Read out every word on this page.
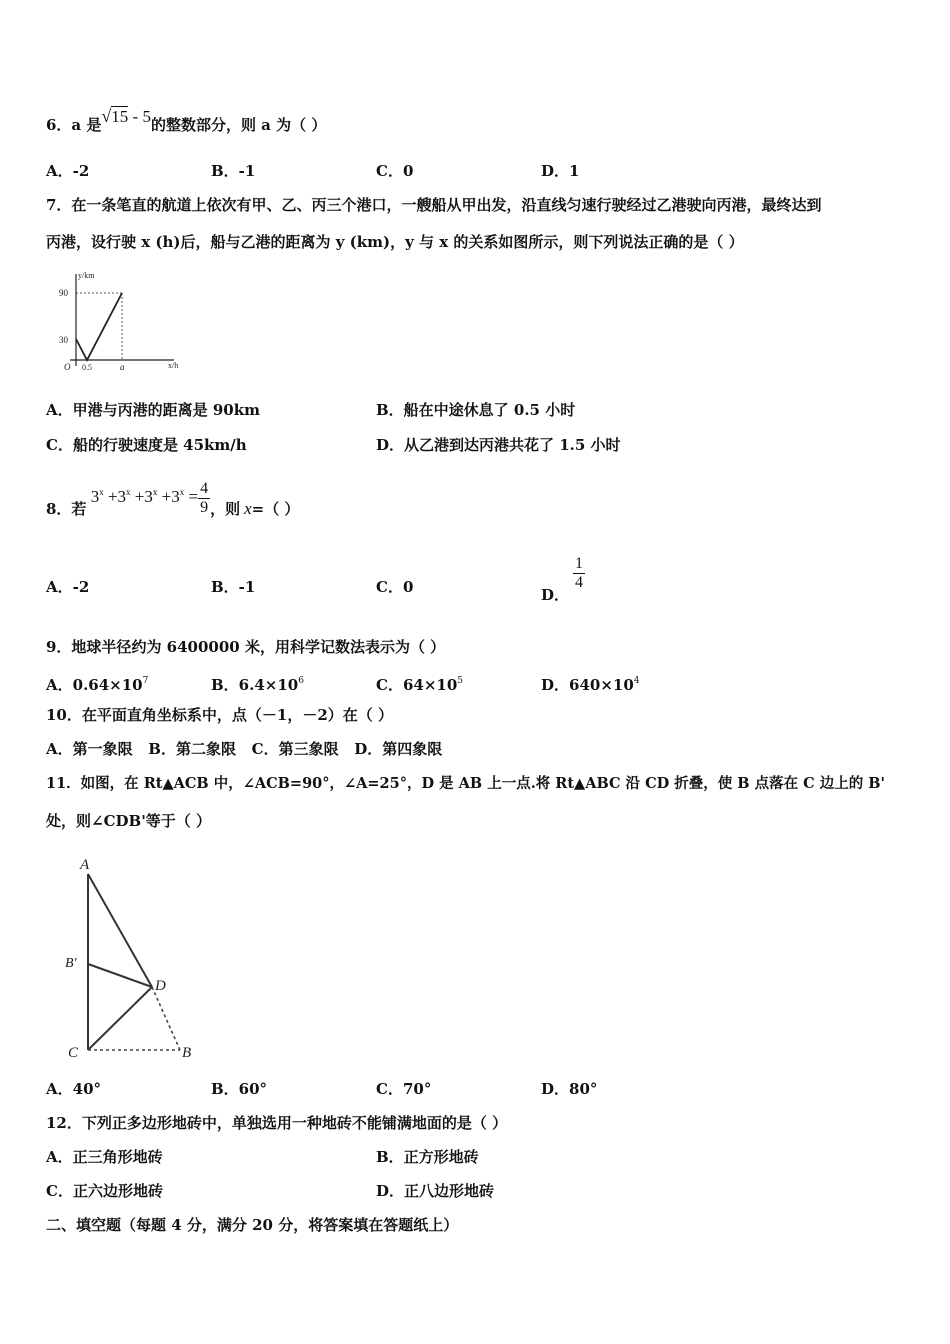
6．a 是√15 - 5的整数部分，则 a 为（ ）
A．-2	B．-1	C．0	D．1
7．在一条笔直的航道上依次有甲、乙、丙三个港口，一艘船从甲出发，沿直线匀速行驶经过乙港驶向丙港，最终达到
丙港，设行驶 x (h)后，船与乙港的距离为 y (km)，y 与 x 的关系如图所示，则下列说法正确的是（ ）
y/km
x/h
O
90
30
0.5	a
A．甲港与丙港的距离是 90km	B．船在中途休息了 0.5 小时
C．船的行驶速度是 45km/h	D．从乙港到达丙港共花了 1.5 小时
8．若 $3^x +3^x +3^x +3^x = \frac{4}{9}$ ，则 x=（ ）
A．-2	B．-1	C．0	D．
$\frac{1}{4}$
9．地球半径约为 6400000 米，用科学记数法表示为（ ）
A．$0.64\times 10^7$	B．$6.4\times 10^6$	C．$64\times 10^5$	D．$640\times 10^4$
10．在平面直角坐标系中，点（－1，－2）在（ ）
A．第一象限   B．第二象限   C．第三象限   D．第四象限
11．如图，在 Rt▲ACB 中，∠ACB=90°，∠A=25°，D 是 AB 上一点.将 Rt▲ABC 沿 CD 折叠，使 B 点落在 C 边上的 B'
处，则∠CDB'等于（ ）
A
B'
D
C	B
A．40°	B．60°	C．70°	D．80°
12．下列正多边形地砖中，单独选用一种地砖不能铺满地面的是（ ）
A．正三角形地砖	B．正方形地砖
C．正六边形地砖	D．正八边形地砖
二、填空题（每题 4 分，满分 20 分，将答案填在答题纸上）
